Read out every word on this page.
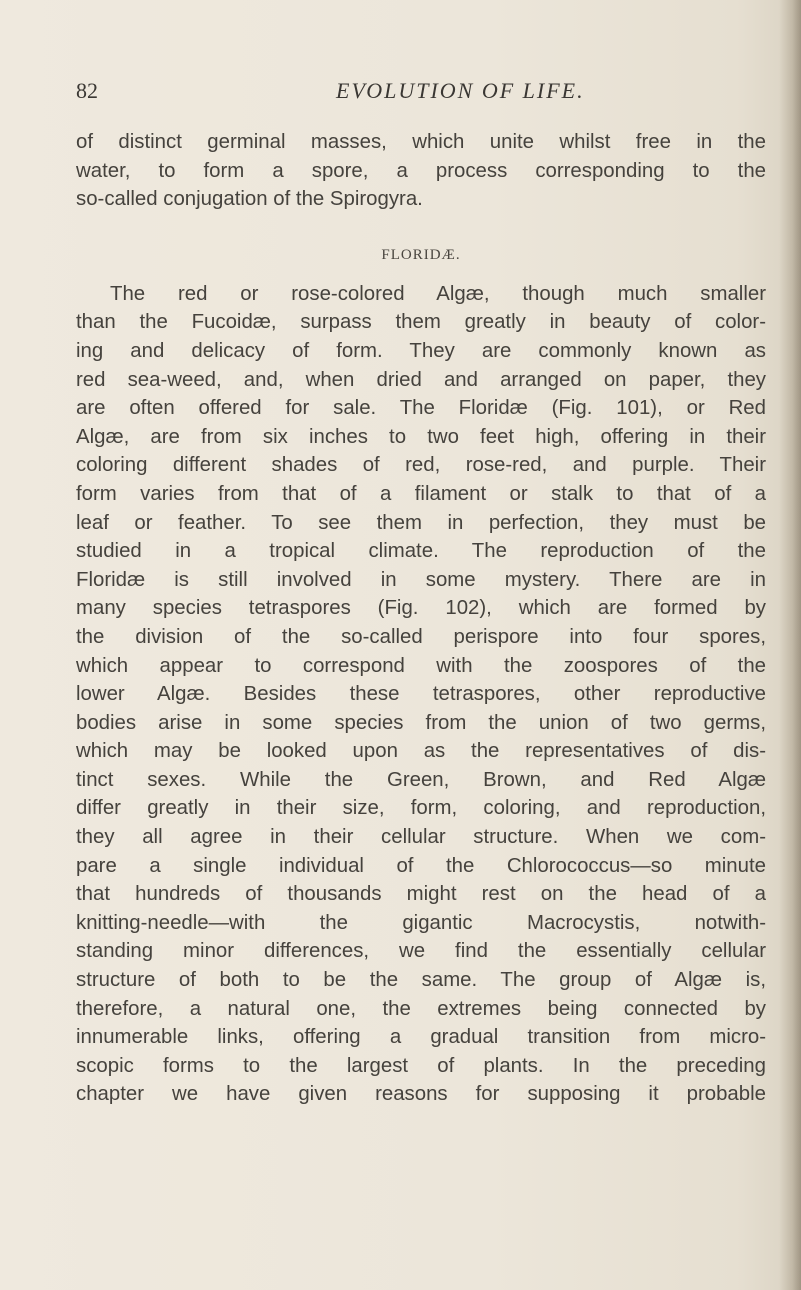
82	EVOLUTION OF LIFE.
of distinct germinal masses, which unite whilst free in the
water, to form a spore, a process corresponding to the
so-called conjugation of the Spirogyra.
FLORIDÆ.
The red or rose-colored Algæ, though much smaller
than the Fucoidæ, surpass them greatly in beauty of color-
ing and delicacy of form. They are commonly known as
red sea-weed, and, when dried and arranged on paper, they
are often offered for sale. The Floridæ (Fig. 101), or Red
Algæ, are from six inches to two feet high, offering in their
coloring different shades of red, rose-red, and purple. Their
form varies from that of a filament or stalk to that of a
leaf or feather. To see them in perfection, they must be
studied in a tropical climate. The reproduction of the
Floridæ is still involved in some mystery. There are in
many species tetraspores (Fig. 102), which are formed by
the division of the so-called perispore into four spores,
which appear to correspond with the zoospores of the
lower Algæ. Besides these tetraspores, other reproductive
bodies arise in some species from the union of two germs,
which may be looked upon as the representatives of dis-
tinct sexes. While the Green, Brown, and Red Algæ
differ greatly in their size, form, coloring, and reproduction,
they all agree in their cellular structure. When we com-
pare a single individual of the Chlorococcus—so minute
that hundreds of thousands might rest on the head of a
knitting-needle—with the gigantic Macrocystis, notwith-
standing minor differences, we find the essentially cellular
structure of both to be the same. The group of Algæ is,
therefore, a natural one, the extremes being connected by
innumerable links, offering a gradual transition from micro-
scopic forms to the largest of plants. In the preceding
chapter we have given reasons for supposing it probable
